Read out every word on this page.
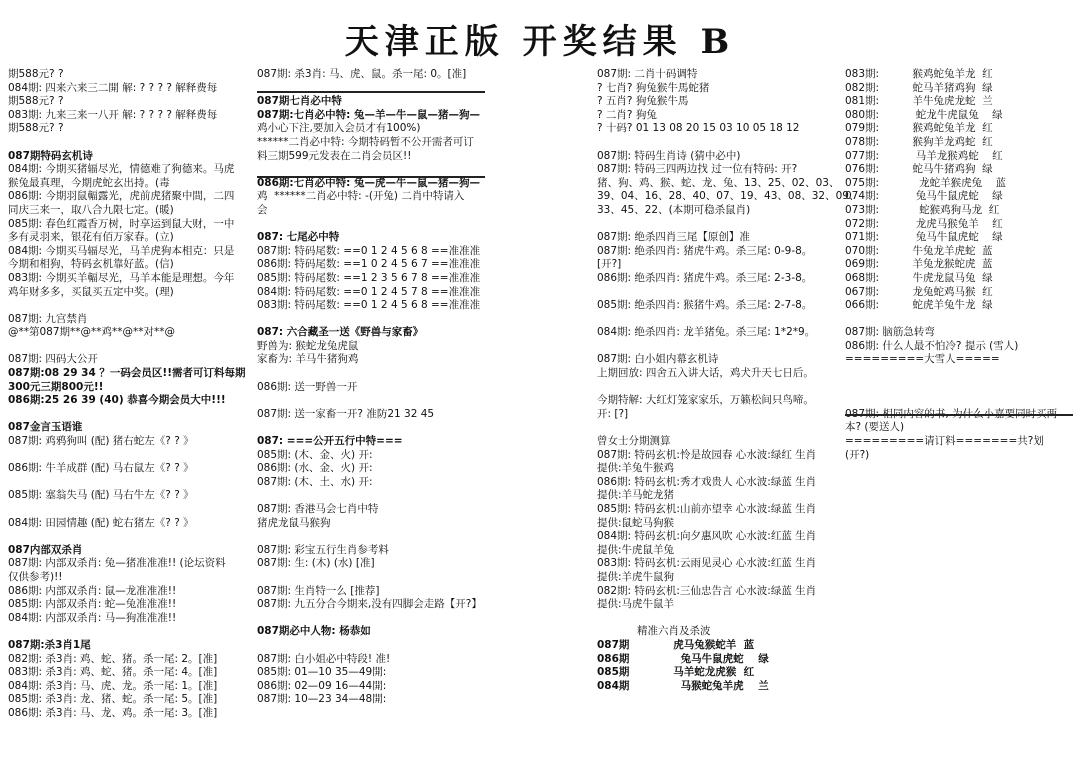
天津正版 开奖结果 B
期588元? ?
084期: 四来六来三二開 解: ? ? ? ? 解释费每
期588元? ?
083期: 九来三来一八开 解: ? ? ? ? 解释费每
期588元? ?

087期特码玄机诗
084期: 今期买猪辐尽光，情德难了狗德来。马虎
猴兔最真理，今期虎蛇玄出持。(毒
086期: 今期羽鼠輻露光，虎前虎猪聚中間，二四
同庆三来一，取八合九限七定。(暖)
085期: 春色红霞香万树，时享运到鼠大财，一中
多有灵羽来，银花有佰万家春。(立)
084期: 今期买马辐尽光，马羊虎狗本相克：只是
今期和相狗，特码玄机靠好蓝。(信)
083期: 今期买羊輻尽光，马羊本能是理想。今年
鸡年财多多，买鼠买五定中奖。(理)

087期: 九宫禁肖
@**第087期**@**鸡**@**对**@

087期: 四码大公开
087期:08 29 34 ？一码会员区!!需者可订料每期
300元三期800元!!
086期:25 26 39 (40) 恭喜今期会员大中!!!

087金言玉语谁
087期: 鸡鸦狗叫 (配) 猪右蛇左《? ? 》

086期: 牛羊成群 (配) 马右鼠左《? ? 》

085期: 塞翁失马 (配) 马右牛左《? ? 》

084期: 田园情趣 (配) 蛇右猪左《? ? 》

087内部双杀肖
087期: 内部双杀肖: 兔—猪准准准!! (论坛资料
仅供参考)!!
086期: 内部双杀肖: 鼠—龙准准准!!
085期: 内部双杀肖: 蛇—兔准准准!!
084期: 内部双杀肖: 马—狗准准准!!

087期:杀3肖1尾
082期: 杀3肖: 鸡、蛇、猪。杀一尾: 2。[准]
083期: 杀3肖: 鸡、蛇、猪。杀一尾: 4。[准]
084期: 杀3肖: 马、虎、龙。杀一尾: 1。[准]
085期: 杀3肖: 龙、猪、蛇。杀一尾: 5。[准]
086期: 杀3肖: 马、龙、鸡。杀一尾: 3。[准]
087期: 杀3肖: 马、虎、鼠。杀一尾: 0。[准]

087期七肖必中特
087期:七肖必中特: 兔—羊—牛—鼠—猪—狗—
鸡小心下注,要加入会员才有100%)
******二肖必中特: 今期特码暂不公开需者可订
料三期599元发表在二肖会员区!!

086期:七肖必中特: 兔—虎—牛—鼠—猪—狗—
鸡  ******二肖必中特: -(开兔) 二肖中特请入
会

087: 七尾必中特
087期: 特码尾数: ==0 1 2 4 5 6 8 ==准准准
086期: 特码尾数: ==1 0 2 4 5 6 7 ==准准准
085期: 特码尾数: ==1 2 3 5 6 7 8 ==准准准
084期: 特码尾数: ==0 1 2 4 5 7 8 ==准准准
083期: 特码尾数: ==0 1 2 4 5 6 8 ==准准准

087: 六合藏圣一送《野兽与家畜》
野兽为: 猴蛇龙兔虎鼠
家畜为: 羊马牛猪狗鸡

086期: 送一野兽一开

087期: 送一家畜一开? 准防21 32 45

087: ===公开五行中特===
085期: (木、金、火) 开:
086期: (水、金、火) 开:
087期: (木、土、水) 开:

087期: 香港马会七肖中特
猪虎龙鼠马猴狗

087期: 彩宝五行生肖参考料
087期: 生: (木) (水) [准]

087期: 生肖特一么 [推荐]
087期: 九五分合今期来,没有四脚会走路【开?】

087期必中人物: 杨恭如

087期: 白小姐必中特段! 准!
085期: 01—10 35—49開:
086期: 02—09 16—44開:
087期: 10—23 34—48開:
087期: 二肖十码调特
? 七肖? 狗兔猴牛馬蛇猪
? 五肖? 狗兔猴牛馬
? 二肖? 狗兔
? 十码? 01 13 08 20 15 03 10 05 18 12

087期: 特码生肖诗 (猜中必中)
087期: 特码三四两边找 过一位有特码: 开?
猪、狗、鸡、猴、蛇、龙、兔、13、25、02、03、
39、04、16、28、40、07、19、43、08、32、09、
33、45、22、(本期可稳杀鼠肖)

087期: 绝杀四肖三尾【原创】准
087期: 绝杀四肖: 猪虎牛鸡。杀三尾: 0-9-8。
[开?]
086期: 绝杀四肖: 猪虎牛鸡。杀三尾: 2-3-8。

085期: 绝杀四肖: 猴猪牛鸡。杀三尾: 2-7-8。

084期: 绝杀四肖: 龙羊猪兔。杀三尾: 1*2*9。

087期: 白小姐内幕玄机诗
上期回放: 四舍五入讲大话，鸡犬升天七日后。

今期特解: 大红灯笼家家乐，万籁松间只鸟啼。
开: [?]

曾女士分期测算
087期: 特码玄机:怜是故园春 心水波:绿红 生肖
提供:羊兔牛猴鸡
086期: 特码玄机:秀才戏贵人 心水波:绿蓝 生肖
提供:羊马蛇龙猪
085期: 特码玄机:山前亦望幸 心水波:绿蓝 生肖
提供:鼠蛇马狗猴
084期: 特码玄机:向夕惠风吹 心水波:红蓝 生肖
提供:牛虎鼠羊兔
083期: 特码玄机:云雨见灵心 心水波:红蓝 生肖
提供:羊虎牛鼠狗
082期: 特码玄机:三仙忠告言 心水波:绿蓝 生肖
提供:马虎牛鼠羊

精准六肖及杀波
087期            虎马兔猴蛇羊  蓝
086期              兔马牛鼠虎蛇    绿
085期            马羊蛇龙虎猴  红
084期              马猴蛇兔羊虎    兰
083期:          猴鸡蛇兔羊龙  红
082期:          蛇马羊猪鸡狗  绿
081期:          羊牛兔虎龙蛇  兰
080期:           蛇龙牛虎鼠兔    绿
079期:          猴鸡蛇兔羊龙  红
078期:          猴狗羊龙鸡蛇  红
077期:           马羊龙猴鸡蛇    红
076期:          蛇马牛猪鸡狗  绿
075期:            龙蛇羊猴虎兔    蓝
074期:           兔马牛鼠虎蛇    绿
073期:            蛇猴鸡狗马龙  红
072期:           龙虎马猴兔羊    红
071期:           兔马牛鼠虎蛇    绿
070期:          牛兔龙羊虎蛇  蓝
069期:          羊兔龙猴蛇虎  蓝
068期:          牛虎龙鼠马兔  绿
067期:          龙兔蛇鸡马猴  红
066期:          蛇虎羊兔牛龙  绿

087期: 脑筋急转弯
086期: 什么人最不怕冷? 提示 (雪人)
=========大雪人=====

087期: 相同内容的书, 为什么小嘉要同时买两
本? (要送人)
=========请订料=======共?划
(开?)
